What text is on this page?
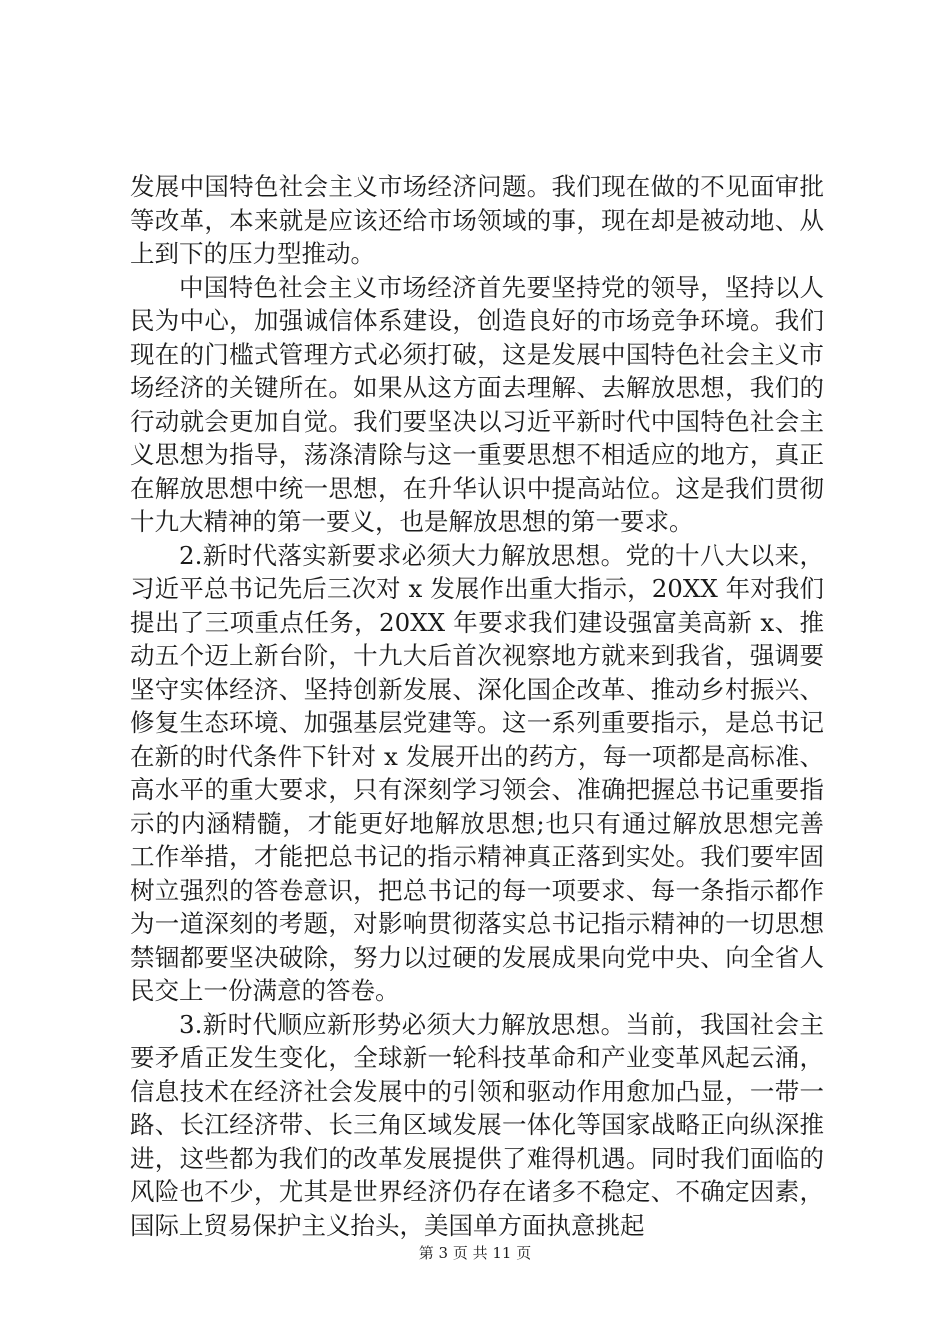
发展中国特色社会主义市场经济问题。我们现在做的不见面审批等改革，本来就是应该还给市场领域的事，现在却是被动地、从上到下的压力型推动。

中国特色社会主义市场经济首先要坚持党的领导，坚持以人民为中心，加强诚信体系建设，创造良好的市场竞争环境。我们现在的门槛式管理方式必须打破，这是发展中国特色社会主义市场经济的关键所在。如果从这方面去理解、去解放思想，我们的行动就会更加自觉。我们要坚决以习近平新时代中国特色社会主义思想为指导，荡涤清除与这一重要思想不相适应的地方，真正在解放思想中统一思想，在升华认识中提高站位。这是我们贯彻十九大精神的第一要义，也是解放思想的第一要求。

2.新时代落实新要求必须大力解放思想。党的十八大以来，习近平总书记先后三次对 x 发展作出重大指示，20XX 年对我们提出了三项重点任务，20XX 年要求我们建设强富美高新 x、推动五个迈上新台阶，十九大后首次视察地方就来到我省，强调要坚守实体经济、坚持创新发展、深化国企改革、推动乡村振兴、修复生态环境、加强基层党建等。这一系列重要指示，是总书记在新的时代条件下针对 x 发展开出的药方，每一项都是高标准、高水平的重大要求，只有深刻学习领会、准确把握总书记重要指示的内涵精髓，才能更好地解放思想;也只有通过解放思想完善工作举措，才能把总书记的指示精神真正落到实处。我们要牢固树立强烈的答卷意识，把总书记的每一项要求、每一条指示都作为一道深刻的考题，对影响贯彻落实总书记指示精神的一切思想禁锢都要坚决破除，努力以过硬的发展成果向党中央、向全省人民交上一份满意的答卷。

3.新时代顺应新形势必须大力解放思想。当前，我国社会主要矛盾正发生变化，全球新一轮科技革命和产业变革风起云涌，信息技术在经济社会发展中的引领和驱动作用愈加凸显，一带一路、长江经济带、长三角区域发展一体化等国家战略正向纵深推进，这些都为我们的改革发展提供了难得机遇。同时我们面临的风险也不少，尤其是世界经济仍存在诸多不稳定、不确定因素，国际上贸易保护主义抬头，美国单方面执意挑起

第 3 页 共 11 页
